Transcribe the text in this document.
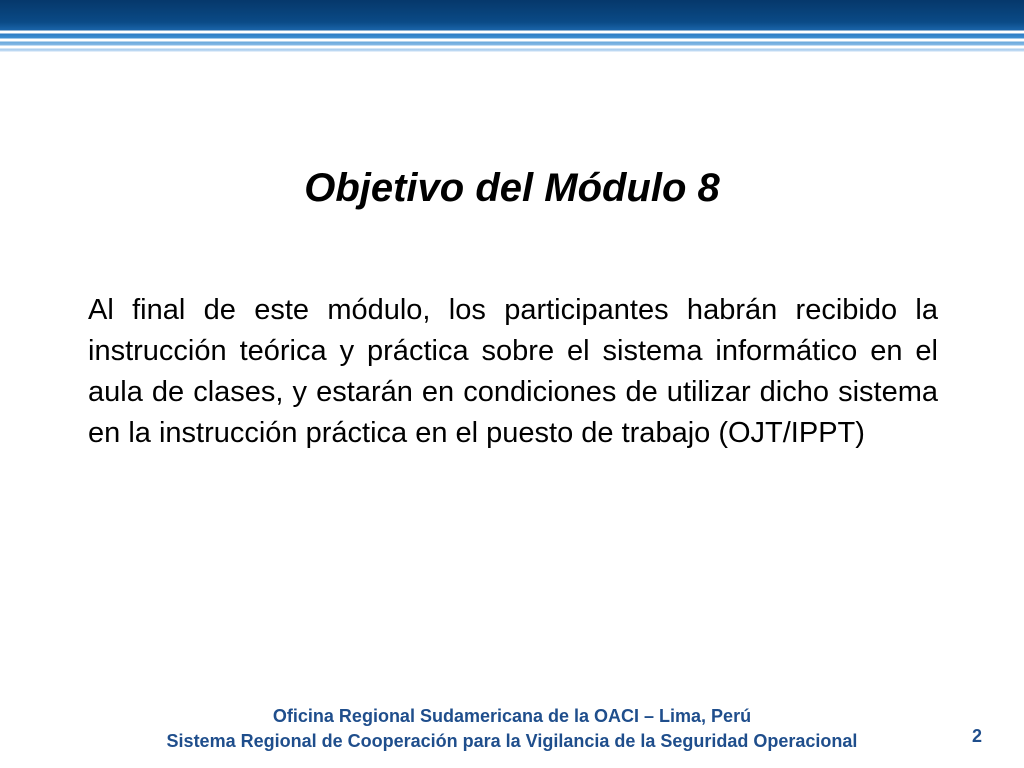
Objetivo del Módulo 8

Al final de este módulo, los participantes habrán recibido la instrucción teórica y práctica sobre el sistema informático en el aula de clases, y estarán en condiciones de utilizar dicho sistema en la instrucción práctica en el puesto de trabajo (OJT/IPPT)

Oficina Regional Sudamericana de la OACI – Lima, Perú
Sistema Regional de Cooperación para la Vigilancia de la Seguridad Operacional	2
